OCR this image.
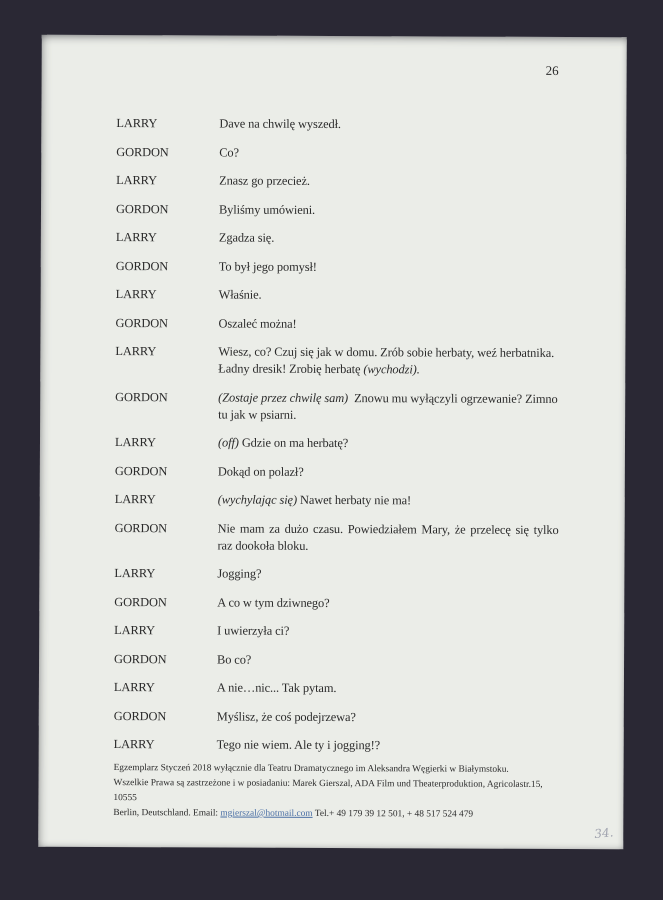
26
LARRY	Dave na chwilę wyszedł.
GORDON	Co?
LARRY	Znasz go przecież.
GORDON	Byliśmy umówieni.
LARRY	Zgadza się.
GORDON	To był jego pomysł!
LARRY	Właśnie.
GORDON	Oszaleć można!
LARRY	Wiesz, co? Czuj się jak w domu. Zrób sobie herbaty, weź herbatnika. Ładny dresik! Zrobię herbatę (wychodzi).
GORDON	(Zostaje przez chwilę sam)  Znowu mu wyłączyli ogrzewanie? Zimno tu jak w psiarni.
LARRY	(off) Gdzie on ma herbatę?
GORDON	Dokąd on polazł?
LARRY	(wychylając się) Nawet herbaty nie ma!
GORDON	Nie mam za dużo czasu. Powiedziałem Mary, że przelecę się tylko raz dookoła bloku.
LARRY	Jogging?
GORDON	A co w tym dziwnego?
LARRY	I uwierzyła ci?
GORDON	Bo co?
LARRY	A nie…nic... Tak pytam.
GORDON	Myślisz, że coś podejrzewa?
LARRY	Tego nie wiem. Ale ty i jogging!?
Egzemplarz Styczeń 2018 wyłącznie dla Teatru Dramatycznego im Aleksandra Węgierki w Białymstoku.
Wszelkie Prawa są zastrzeżone i w posiadaniu: Marek Gierszal, ADA Film und Theaterproduktion, Agricolastr.15, 10555
Berlin, Deutschland. Email: mgierszal@hotmail.com Tel.+ 49 179 39 12 501, + 48 517 524 479
34.
